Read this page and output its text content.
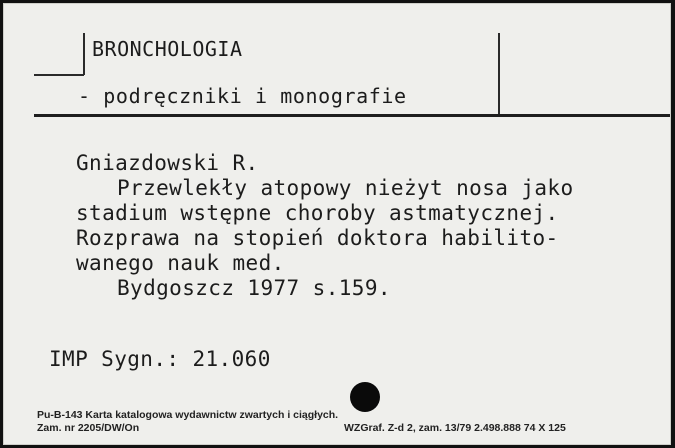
BRONCHOLOGIA
- podręczniki i monografie
Gniazdowski R.
Przewlekły atopowy nieżyt nosa jako
stadium wstępne choroby astmatycznej.
Rozprawa na stopień doktora habilito-
wanego nauk med.
Bydgoszcz 1977 s.159.
IMP Sygn.: 21.060
Pu-B-143 Karta katalogowa wydawnictw zwartych i ciągłych.
Zam. nr 2205/DW/On	WZGraf. Z-d 2, zam. 13/79 2.498.888 74 X 125
